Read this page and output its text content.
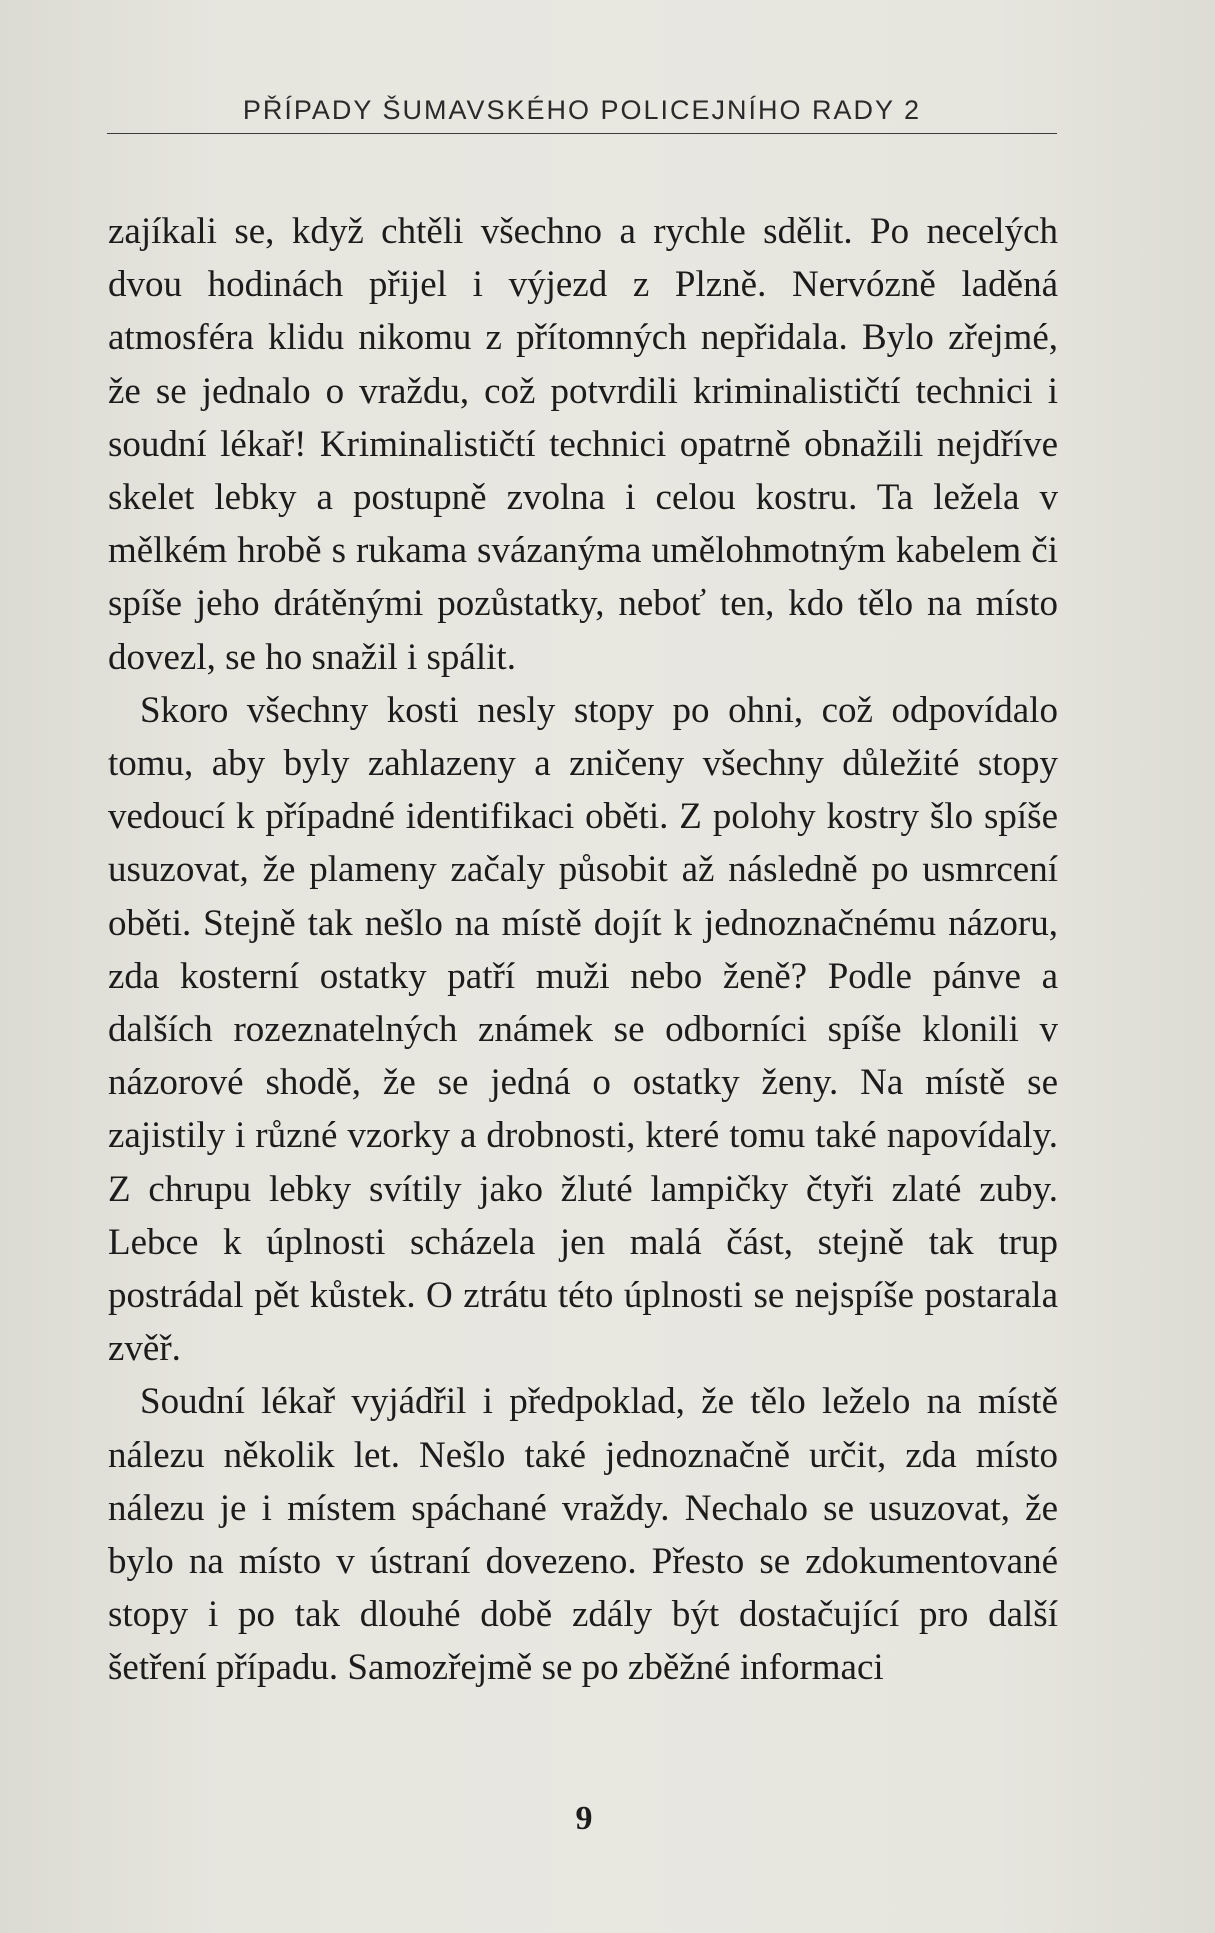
PŘÍPADY ŠUMAVSKÉHO POLICEJNÍHO RADY 2

zajíkali se, když chtěli všechno a rychle sdělit. Po necelých dvou hodinách přijel i výjezd z Plzně. Nervózně laděná atmosféra klidu nikomu z přítomných nepřidala. Bylo zřejmé, že se jednalo o vraždu, což potvrdili kriminalističtí technici i soudní lékař! Kriminalističtí technici opatrně obnažili nejdříve skelet lebky a postupně zvolna i celou kostru. Ta ležela v mělkém hrobě s rukama svázanýma umělohmotným kabelem či spíše jeho drátěnými pozůstatky, neboť ten, kdo tělo na místo dovezl, se ho snažil i spálit.

Skoro všechny kosti nesly stopy po ohni, což odpovídalo tomu, aby byly zahlazeny a zničeny všechny důležité stopy vedoucí k případné identifikaci oběti. Z polohy kostry šlo spíše usuzovat, že plameny začaly působit až následně po usmrcení oběti. Stejně tak nešlo na místě dojít k jednoznačnému názoru, zda kosterní ostatky patří muži nebo ženě? Podle pánve a dalších rozeznatelných známek se odborníci spíše klonili v názorové shodě, že se jedná o ostatky ženy. Na místě se zajistily i různé vzorky a drobnosti, které tomu také napovídaly. Z chrupu lebky svítily jako žluté lampičky čtyři zlaté zuby. Lebce k úplnosti scházela jen malá část, stejně tak trup postrádal pět kůstek. O ztrátu této úplnosti se nejspíše postarala zvěř.

Soudní lékař vyjádřil i předpoklad, že tělo leželo na místě nálezu několik let. Nešlo také jednoznačně určit, zda místo nálezu je i místem spáchané vraždy. Nechalo se usuzovat, že bylo na místo v ústraní dovezeno. Přesto se zdokumentované stopy i po tak dlouhé době zdály být dostačující pro další šetření případu. Samozřejmě se po zběžné informaci

9
